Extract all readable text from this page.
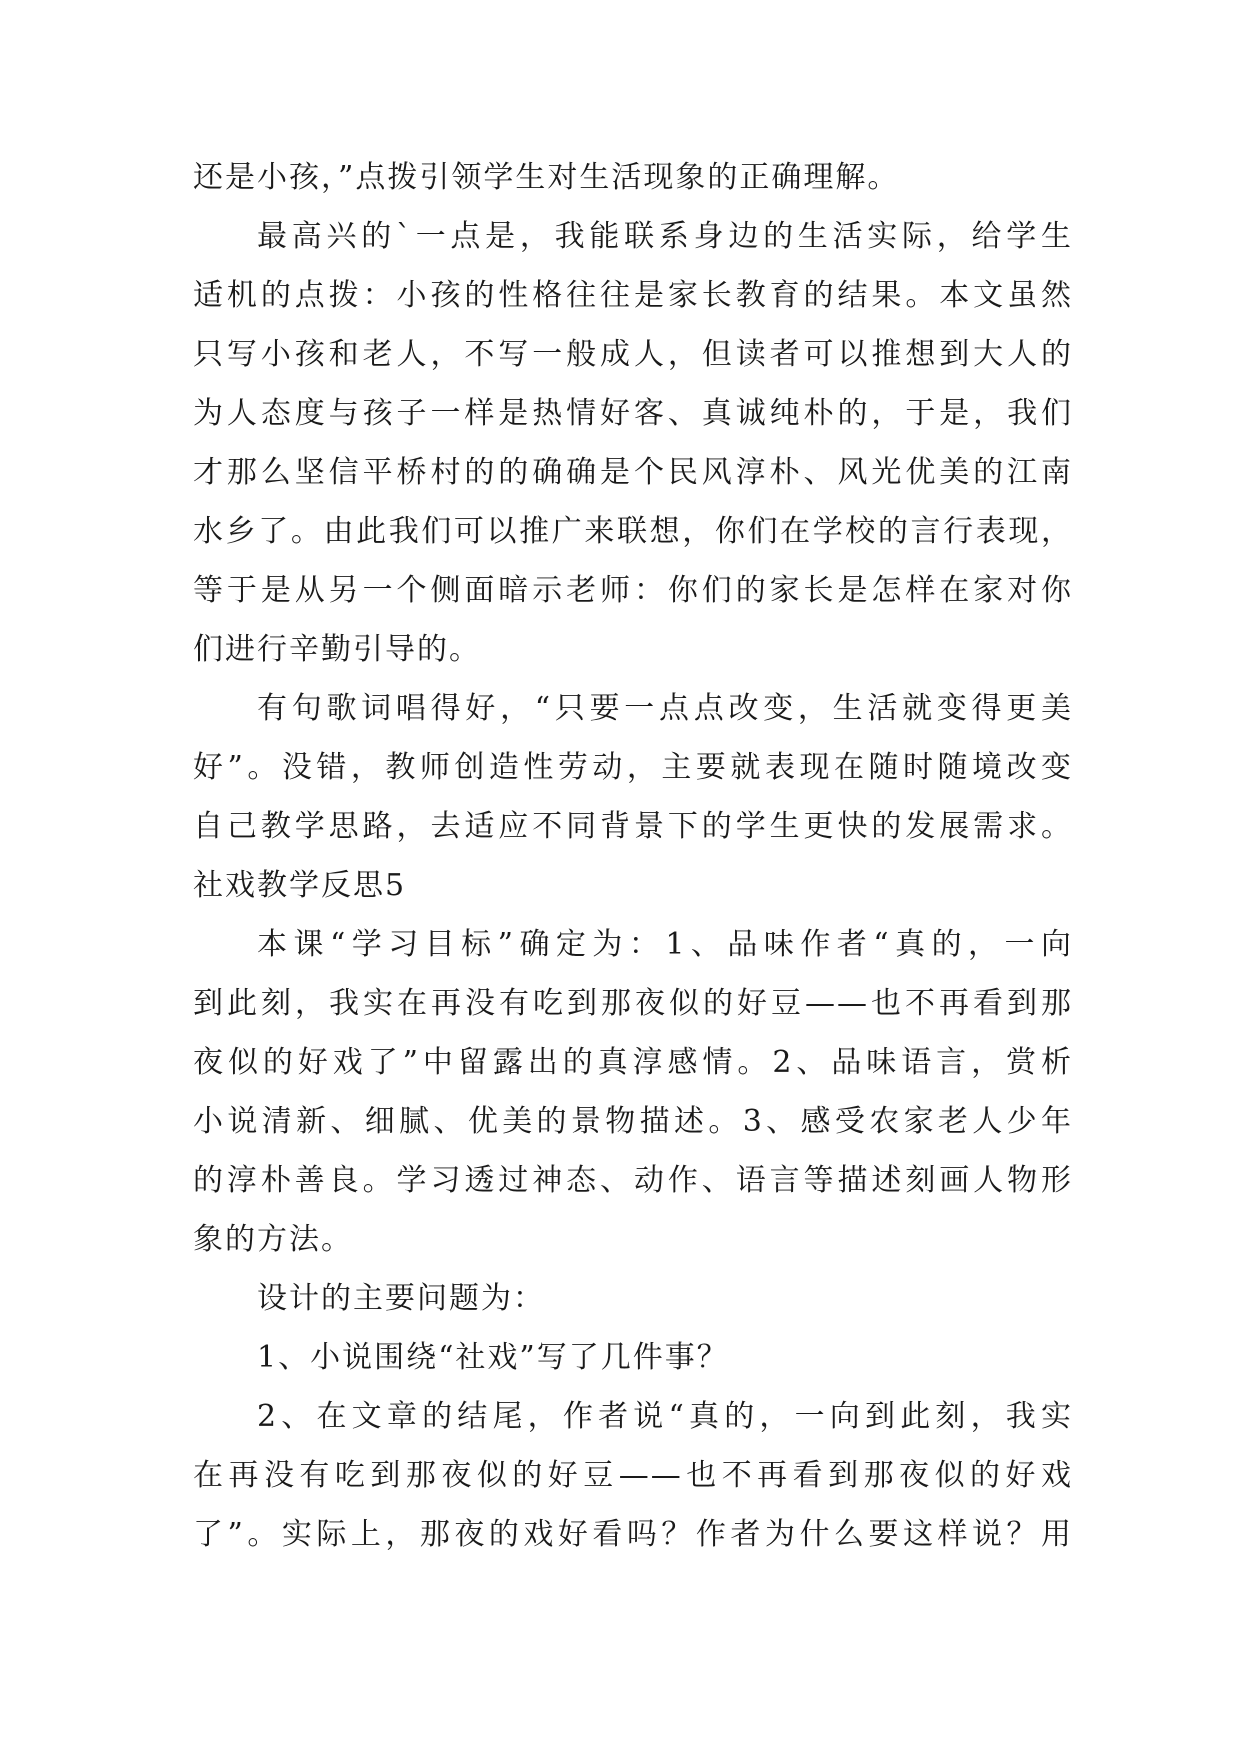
还是小孩，”点拨引领学生对生活现象的正确理解。
最高兴的`一点是，我能联系身边的生活实际，给学生
适机的点拨：小孩的性格往往是家长教育的结果。本文虽然
只写小孩和老人，不写一般成人，但读者可以推想到大人的
为人态度与孩子一样是热情好客、真诚纯朴的，于是，我们
才那么坚信平桥村的的确确是个民风淳朴、风光优美的江南
水乡了。由此我们可以推广来联想，你们在学校的言行表现，
等于是从另一个侧面暗示老师：你们的家长是怎样在家对你
们进行辛勤引导的。
有句歌词唱得好，“只要一点点改变，生活就变得更美
好”。没错，教师创造性劳动，主要就表现在随时随境改变
自己教学思路，去适应不同背景下的学生更快的发展需求。
社戏教学反思5
本课“学习目标”确定为：1、品味作者“真的，一向
到此刻，我实在再没有吃到那夜似的好豆——也不再看到那
夜似的好戏了”中留露出的真淳感情。2、品味语言，赏析
小说清新、细腻、优美的景物描述。3、感受农家老人少年
的淳朴善良。学习透过神态、动作、语言等描述刻画人物形
象的方法。
设计的主要问题为：
1、小说围绕“社戏”写了几件事？
2、在文章的结尾，作者说“真的，一向到此刻，我实
在再没有吃到那夜似的好豆——也不再看到那夜似的好戏
了”。实际上，那夜的戏好看吗？作者为什么要这样说？用
